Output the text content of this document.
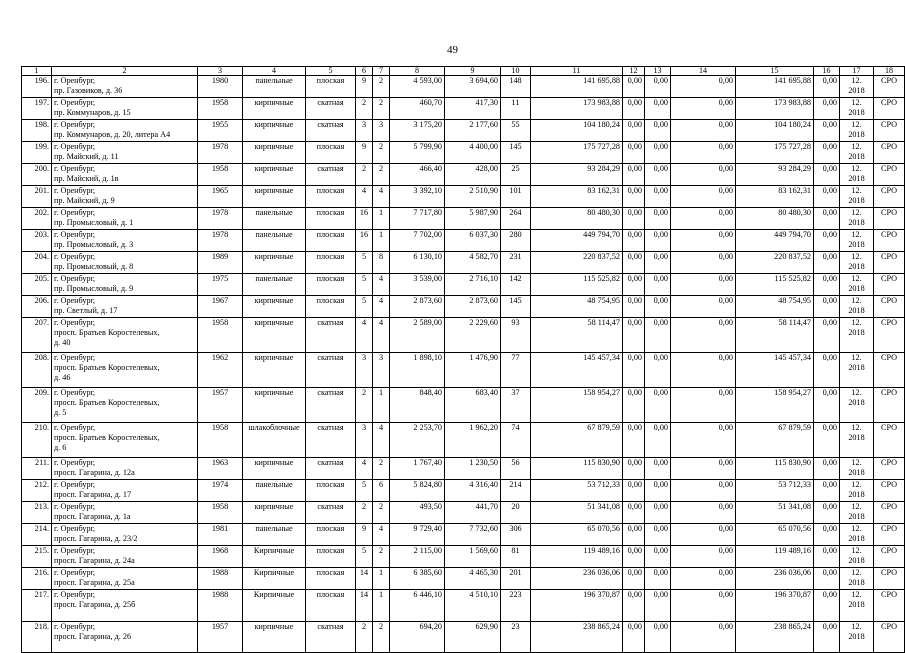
49
1	2	3	4	5	6	7	8	9	10	11	12	13	14	15	16	17	18
196.	г. Оренбург,
пр. Газовиков, д. 36	1980	панельные	плоская	9	2	4 593,00	3 694,60	148	141 695,88	0,00	0,00	0,00	141 695,88	0,00	12.
2018	СРО
197.	г. Оренбург,
пр. Коммунаров, д. 15	1958	кирпичные	скатная	2	2	460,70	417,30	11	173 983,88	0,00	0,00	0,00	173 983,88	0,00	12.
2018	СРО
198.	г. Оренбург,
пр. Коммунаров, д. 20, литера А4	1955	кирпичные	скатная	3	3	3 175,20	2 177,60	55	104 180,24	0,00	0,00	0,00	104 180,24	0,00	12.
2018	СРО
199.	г. Оренбург,
пр. Майский, д. 11	1978	кирпичные	плоская	9	2	5 799,90	4 400,00	145	175 727,28	0,00	0,00	0,00	175 727,28	0,00	12.
2018	СРО
200.	г. Оренбург,
пр. Майский, д. 1в	1958	кирпичные	скатная	2	2	466,40	428,00	25	93 284,29	0,00	0,00	0,00	93 284,29	0,00	12.
2018	СРО
201.	г. Оренбург,
пр. Майский, д. 9	1965	кирпичные	плоская	4	4	3 392,10	2 510,90	101	83 162,31	0,00	0,00	0,00	83 162,31	0,00	12.
2018	СРО
202.	г. Оренбург,
пр. Промысловый, д. 1	1978	панельные	плоская	16	1	7 717,80	5 987,90	264	80 480,30	0,00	0,00	0,00	80 480,30	0,00	12.
2018	СРО
203.	г. Оренбург,
пр. Промысловый, д. 3	1978	панельные	плоская	16	1	7 702,00	6 037,30	280	449 794,70	0,00	0,00	0,00	449 794,70	0,00	12.
2018	СРО
204.	г. Оренбург,
пр. Промысловый, д. 8	1989	кирпичные	плоская	5	8	6 130,10	4 582,70	231	220 837,52	0,00	0,00	0,00	220 837,52	0,00	12.
2018	СРО
205.	г. Оренбург,
пр. Промысловый, д. 9	1975	панельные	плоская	5	4	3 539,00	2 716,10	142	115 525,82	0,00	0,00	0,00	115 525,82	0,00	12.
2018	СРО
206.	г. Оренбург,
пр. Светлый, д. 17	1967	кирпичные	плоская	5	4	2 873,60	2 873,60	145	48 754,95	0,00	0,00	0,00	48 754,95	0,00	12.
2018	СРО
207.	г. Оренбург,
просп. Братьев Коростелевых,
д. 40	1958	кирпичные	скатная	4	4	2 589,00	2 229,60	93	58 114,47	0,00	0,00	0,00	58 114,47	0,00	12.
2018	СРО
208.	г. Оренбург,
просп. Братьев Коростелевых,
д. 46	1962	кирпичные	скатная	3	3	1 898,10	1 476,90	77	145 457,34	0,00	0,00	0,00	145 457,34	0,00	12.
2018	СРО
209.	г. Оренбург,
просп. Братьев Коростелевых,
д. 5	1957	кирпичные	скатная	2	1	848,40	683,40	37	158 954,27	0,00	0,00	0,00	158 954,27	0,00	12.
2018	СРО
210.	г. Оренбург,
просп. Братьев Коростелевых,
д. 6	1958	шлакоблочные	скатная	3	4	2 253,70	1 962,20	74	67 879,59	0,00	0,00	0,00	67 879,59	0,00	12.
2018	СРО
211.	г. Оренбург,
просп. Гагарина, д. 12а	1963	кирпичные	скатная	4	2	1 767,40	1 230,50	56	115 830,90	0,00	0,00	0,00	115 830,90	0,00	12.
2018	СРО
212.	г. Оренбург,
просп. Гагарина, д. 17	1974	панельные	плоская	5	6	5 824,80	4 316,40	214	53 712,33	0,00	0,00	0,00	53 712,33	0,00	12.
2018	СРО
213.	г. Оренбург,
просп. Гагарина, д. 1а	1958	кирпичные	скатная	2	2	493,50	441,70	20	51 341,08	0,00	0,00	0,00	51 341,08	0,00	12.
2018	СРО
214.	г. Оренбург,
просп. Гагарина, д. 23/2	1981	панельные	плоская	9	4	9 729,40	7 732,60	306	65 070,56	0,00	0,00	0,00	65 070,56	0,00	12.
2018	СРО
215.	г. Оренбург,
просп. Гагарина, д. 24а	1968	Кирпичные	плоская	5	2	2 115,00	1 569,60	81	119 489,16	0,00	0,00	0,00	119 489,16	0,00	12.
2018	СРО
216.	г. Оренбург,
просп. Гагарина, д. 25а	1988	Кирпичные	плоская	14	1	6 385,60	4 465,30	201	236 036,06	0,00	0,00	0,00	236 036,06	0,00	12.
2018	СРО
217.	г. Оренбург,
просп. Гагарина, д. 25б	1988	Кирпичные	плоская	14	1	6 446,10	4 510,10	223	196 370,87	0,00	0,00	0,00	196 370,87	0,00	12.
2018	СРО
218.	г. Оренбург,
просп. Гагарина, д. 26	1957	кирпичные	скатная	2	2	694,20	629,90	23	238 865,24	0,00	0,00	0,00	238 865,24	0,00	12.
2018	СРО
